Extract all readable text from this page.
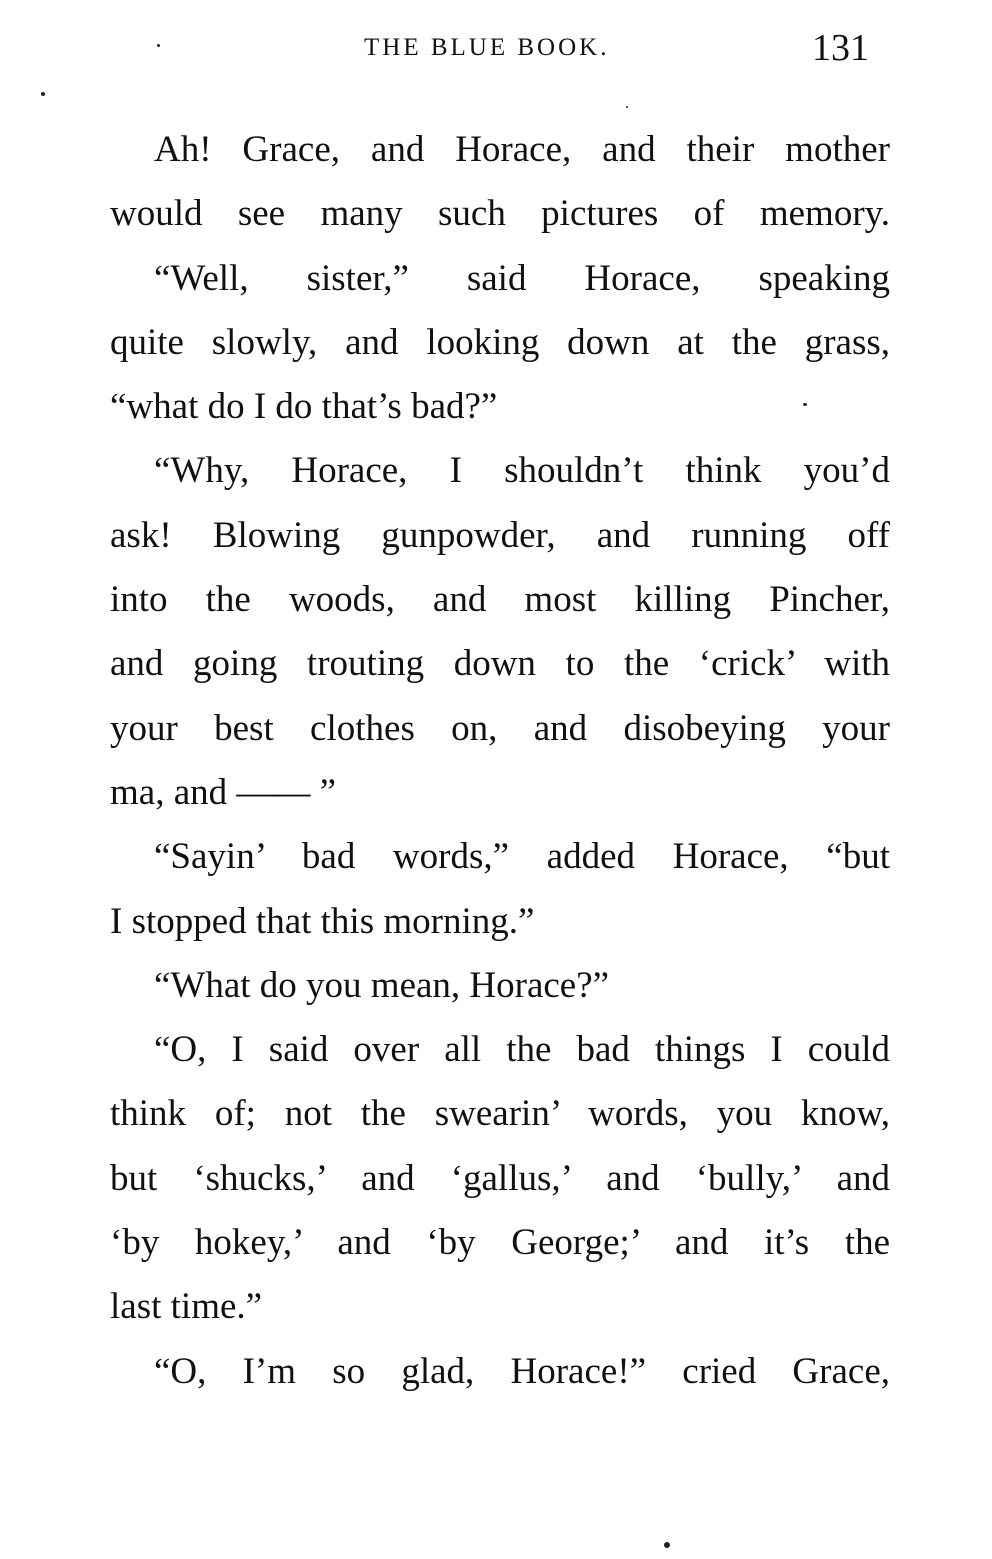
THE BLUE BOOK.	131
Ah! Grace, and Horace, and their mother
would see many such pictures of memory.
“Well, sister,” said Horace, speaking
quite slowly, and looking down at the grass,
“what do I do that’s bad?”
“Why, Horace, I shouldn’t think you’d
ask! Blowing gunpowder, and running off
into the woods, and most killing Pincher,
and going trouting down to the ‘crick’ with
your best clothes on, and disobeying your
ma, and —— ”
“Sayin’ bad words,” added Horace, “but
I stopped that this morning.”
“What do you mean, Horace?”
“O, I said over all the bad things I could
think of; not the swearin’ words, you know,
but ‘shucks,’ and ‘gallus,’ and ‘bully,’ and
‘by hokey,’ and ‘by George;’ and it’s the
last time.”
“O, I’m so glad, Horace!” cried Grace,
